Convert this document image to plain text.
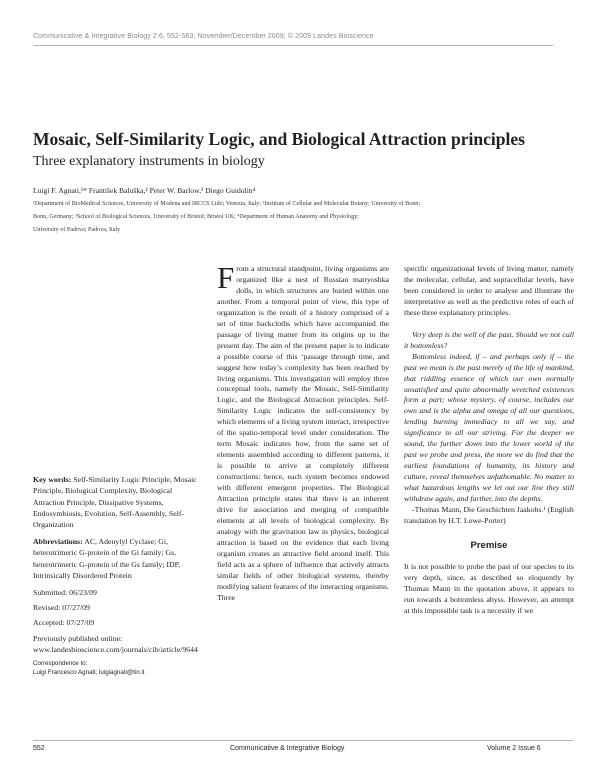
Communicative & Integrative Biology 2:6, 552-563; November/December 2009; © 2009 Landes Bioscience
Mosaic, Self-Similarity Logic, and Biological Attraction principles
Three explanatory instruments in biology
Luigi F. Agnati,¹* František Baluška,² Peter W. Barlow,³ Diego Guidolin⁴
¹Department of BioMedical Sciences, University of Modena and IRCCS Lido; Venezia, Italy; ²Institute of Cellular and Molecular Botany; University of Bonn;
Bonn, Germany; ³School of Biological Sciences, University of Bristol; Bristol UK; ⁴Department of Human Anatomy and Physiology;
University of Padova; Padova, Italy

Key words: Self-Similarity Logic Principle, Mosaic Principle, Biological Complexity, Biological Attraction Principle, Dissipative Systems, Endosymbiosis, Evolution, Self-Assembly, Self-Organization

Abbreviations: AC, Adenylyl Cyclase; Gi, heterotrimeric G-protein of the Gi family; Gs, heterotrimeric G-protein of the Gs family; IDP, Intrinsically Disordered Protein

Submitted: 06/23/09

Revised: 07/27/09

Accepted: 07/27/09

Previously published online: www.landesbioscience.com/journals/cib/article/9644

Correspondence to:

Luigi Francesco Agnati; luigiagnati@tin.it

From a structural standpoint, living organisms are organized like a nest of Russian matryoshka dolls, in which structures are buried within one another. From a temporal point of view, this type of organization is the result of a history comprised of a set of time backcloths which have accompanied the passage of living matter from its origins up to the present day. The aim of the present paper is to indicate a possible course of this ‘passage through time, and suggest how today’s complexity has been reached by living organisms. This investigation will employ three conceptual tools, namely the Mosaic, Self-Similarity Logic, and the Biological Attraction principles. Self-Similarity Logic indicates the self-consistency by which elements of a living system interact, irrespective of the spatio-temporal level under consideration. The term Mosaic indicates how, from the same set of elements assembled according to different patterns, it is possible to arrive at completely different constructions: hence, each system becomes endowed with different emergent properties. The Biological Attraction principle states that there is an inherent drive for association and merging of compatible elements at all levels of biological complexity. By analogy with the gravitation law in physics, biological attraction is based on the evidence that each living organism creates an attractive field around itself. This field acts as a sphere of influence that actively attracts similar fields of other biological systems, thereby modifying salient features of the interacting organisms. Three

specific organizational levels of living matter, namely the molecular, cellular, and supracellular levels, have been considered in order to analyse and illustrate the interpretative as well as the predictive roles of each of these three explanatory principles.

Very deep is the well of the past. Should we not call it bottomless?

Bottomless indeed, if – and perhaps only if – the past we mean is the past merely of the life of mankind, that riddling essence of which our own normally unsatisfied and quite abnormally wretched existences form a part; whose mystery, of course, includes our own and is the alpha and omega of all our questions, lending burning immediacy to all we say, and significance to all our striving. For the deeper we sound, the further down into the lower world of the past we probe and press, the more we do find that the earliest foundations of humanity, its history and culture, reveal themselves unfathomable. No matter to what hazardous lengths we let out our line they still withdraw again, and further, into the depths.

-Thomas Mann, Die Geschichten Jaakobs.¹ (English translation by H.T. Lowe-Porter)

Premise

It is not possible to probe the past of our species to its very depth, since, as described so eloquently by Thomas Mann in the quotation above, it appears to run towards a bottomless abyss. However, an attempt at this impossible task is a necessity if we

552	Communicative & Integrative Biology	Volume 2 Issue 6
